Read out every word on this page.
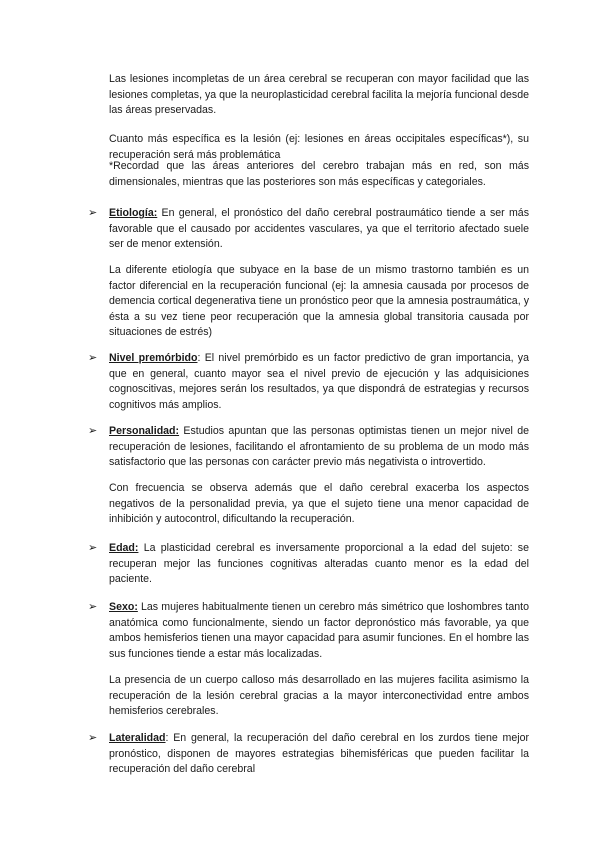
Las lesiones incompletas de un área cerebral se recuperan con mayor facilidad que las lesiones completas, ya que la neuroplasticidad cerebral facilita la mejoría funcional desde las áreas preservadas.

Cuanto más específica es la lesión (ej: lesiones en áreas occipitales específicas*), su recuperación será más problemática

*Recordad que las áreas anteriores del cerebro trabajan más en red, son más dimensionales, mientras que las posteriores son más específicas y categoriales.

➢ Etiología: En general, el pronóstico del daño cerebral postraumático tiende a ser más favorable que el causado por accidentes vasculares, ya que el territorio afectado suele ser de menor extensión.

La diferente etiología que subyace en la base de un mismo trastorno también es un factor diferencial en la recuperación funcional (ej: la amnesia causada por procesos de demencia cortical degenerativa tiene un pronóstico peor que la amnesia postraumática, y ésta a su vez tiene peor recuperación que la amnesia global transitoria causada por situaciones de estrés)

➢ Nivel premórbido: El nivel premórbido es un factor predictivo de gran importancia, ya que en general, cuanto mayor sea el nivel previo de ejecución y las adquisiciones cognoscitivas, mejores serán los resultados, ya que dispondrá de estrategias y recursos cognitivos más amplios.

➢ Personalidad: Estudios apuntan que las personas optimistas tienen un mejor nivel de recuperación de lesiones, facilitando el afrontamiento de su problema de un modo más satisfactorio que las personas con carácter previo más negativista o introvertido.

Con frecuencia se observa además que el daño cerebral exacerba los aspectos negativos de la personalidad previa, ya que el sujeto tiene una menor capacidad de inhibición y autocontrol, dificultando la recuperación.

➢ Edad: La plasticidad cerebral es inversamente proporcional a la edad del sujeto: se recuperan mejor las funciones cognitivas alteradas cuanto menor es la edad del paciente.

➢ Sexo: Las mujeres habitualmente tienen un cerebro más simétrico que loshombres tanto anatómica como funcionalmente, siendo un factor depronóstico más favorable, ya que ambos hemisferios tienen una mayor capacidad para asumir funciones. En el hombre las sus funciones tiende a estar más localizadas.

La presencia de un cuerpo calloso más desarrollado en las mujeres facilita asimismo la recuperación de la lesión cerebral gracias a la mayor interconectividad entre ambos hemisferios cerebrales.

➢ Lateralidad: En general, la recuperación del daño cerebral en los zurdos tiene mejor pronóstico, disponen de mayores estrategias bihemisféricas que pueden facilitar la recuperación del daño cerebral
